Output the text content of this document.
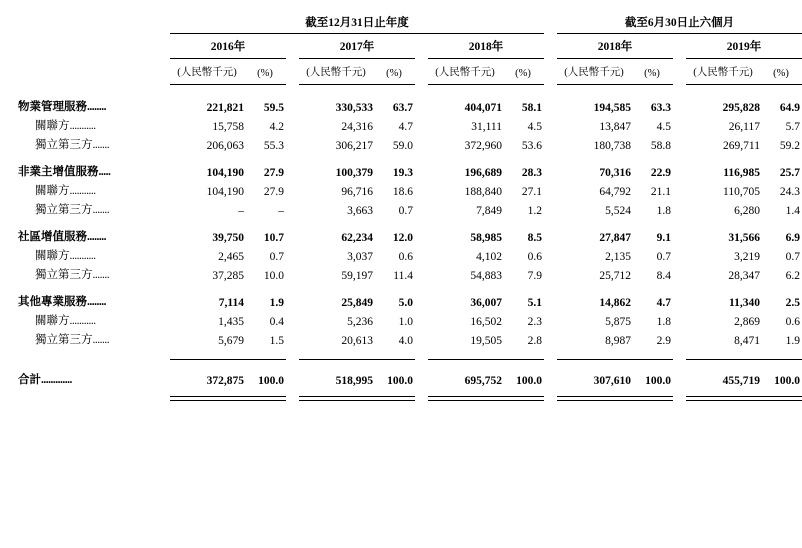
	截至12月31日止年度									截至6月30日止六個月				

	2016年			2017年			2018年			2018年			2019年	

	(人民幣千元)	(%)		(人民幣千元)	(%)		(人民幣千元)	(%)		(人民幣千元)	(%)		(人民幣千元)	(%)

物業管理服務........	221,821	59.5		330,533	63.7		404,071	58.1		194,585	63.3		295,828	64.9
關聯方...........	15,758	4.2		24,316	4.7		31,111	4.5		13,847	4.5		26,117	5.7
獨立第三方.......	206,063	55.3		306,217	59.0		372,960	53.6		180,738	58.8		269,711	59.2

非業主增值服務.....	104,190	27.9		100,379	19.3		196,689	28.3		70,316	22.9		116,985	25.7
關聯方...........	104,190	27.9		96,716	18.6		188,840	27.1		64,792	21.1		110,705	24.3
獨立第三方.......	–	–		3,663	0.7		7,849	1.2		5,524	1.8		6,280	1.4

社區增值服務........	39,750	10.7		62,234	12.0		58,985	8.5		27,847	9.1		31,566	6.9
關聯方...........	2,465	0.7		3,037	0.6		4,102	0.6		2,135	0.7		3,219	0.7
獨立第三方.......	37,285	10.0		59,197	11.4		54,883	7.9		25,712	8.4		28,347	6.2

其他專業服務........	7,114	1.9		25,849	5.0		36,007	5.1		14,862	4.7		11,340	2.5
關聯方...........	1,435	0.4		5,236	1.0		16,502	2.3		5,875	1.8		2,869	0.6
獨立第三方.......	5,679	1.5		20,613	4.0		19,505	2.8		8,987	2.9		8,471	1.9

合計.............	372,875	100.0		518,995	100.0		695,752	100.0		307,610	100.0		455,719	100.0
